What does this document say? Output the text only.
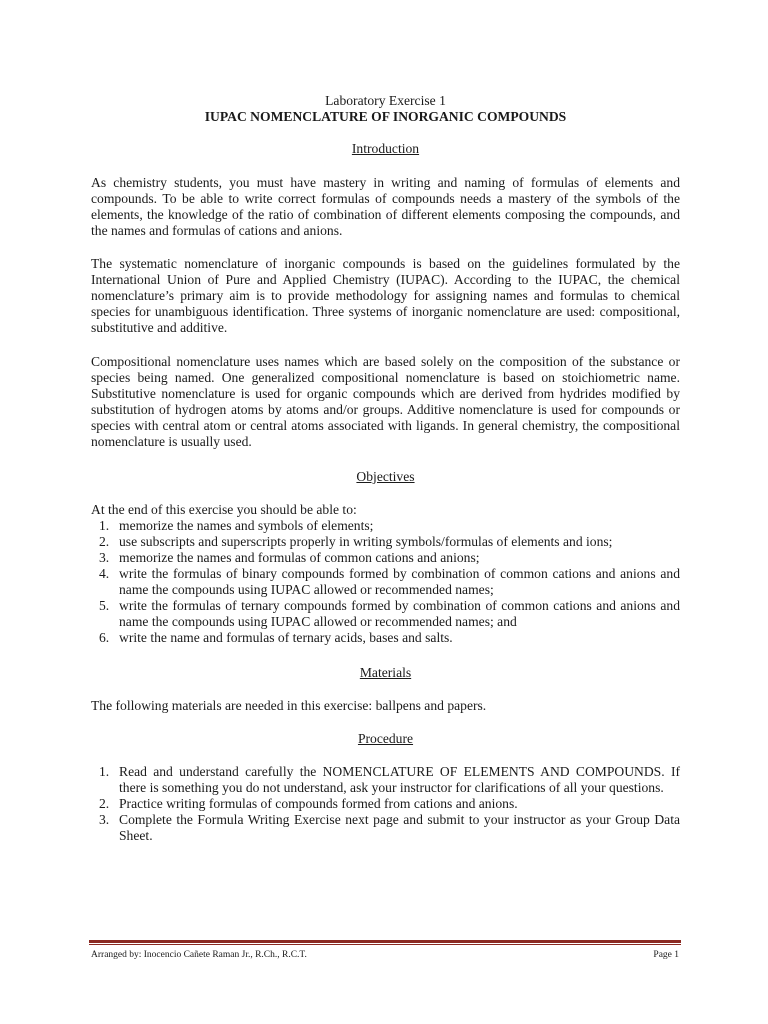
Laboratory Exercise 1
IUPAC NOMENCLATURE OF INORGANIC COMPOUNDS
Introduction
As chemistry students, you must have mastery in writing and naming of formulas of elements and compounds. To be able to write correct formulas of compounds needs a mastery of the symbols of the elements, the knowledge of the ratio of combination of different elements composing the compounds, and the names and formulas of cations and anions.
The systematic nomenclature of inorganic compounds is based on the guidelines formulated by the International Union of Pure and Applied Chemistry (IUPAC). According to the IUPAC, the chemical nomenclature’s primary aim is to provide methodology for assigning names and formulas to chemical species for unambiguous identification. Three systems of inorganic nomenclature are used: compositional, substitutive and additive.
Compositional nomenclature uses names which are based solely on the composition of the substance or species being named. One generalized compositional nomenclature is based on stoichiometric name. Substitutive nomenclature is used for organic compounds which are derived from hydrides modified by substitution of hydrogen atoms by atoms and/or groups. Additive nomenclature is used for compounds or species with central atom or central atoms associated with ligands. In general chemistry, the compositional nomenclature is usually used.
Objectives
At the end of this exercise you should be able to:
1. memorize the names and symbols of elements;
2. use subscripts and superscripts properly in writing symbols/formulas of elements and ions;
3. memorize the names and formulas of common cations and anions;
4. write the formulas of binary compounds formed by combination of common cations and anions and name the compounds using IUPAC allowed or recommended names;
5. write the formulas of ternary compounds formed by combination of common cations and anions and name the compounds using IUPAC allowed or recommended names; and
6. write the name and formulas of ternary acids, bases and salts.
Materials
The following materials are needed in this exercise: ballpens and papers.
Procedure
1. Read and understand carefully the NOMENCLATURE OF ELEMENTS AND COMPOUNDS. If there is something you do not understand, ask your instructor for clarifications of all your questions.
2. Practice writing formulas of compounds formed from cations and anions.
3. Complete the Formula Writing Exercise next page and submit to your instructor as your Group Data Sheet.
Arranged by: Inocencio Cañete Raman Jr., R.Ch., R.C.T.	Page 1
